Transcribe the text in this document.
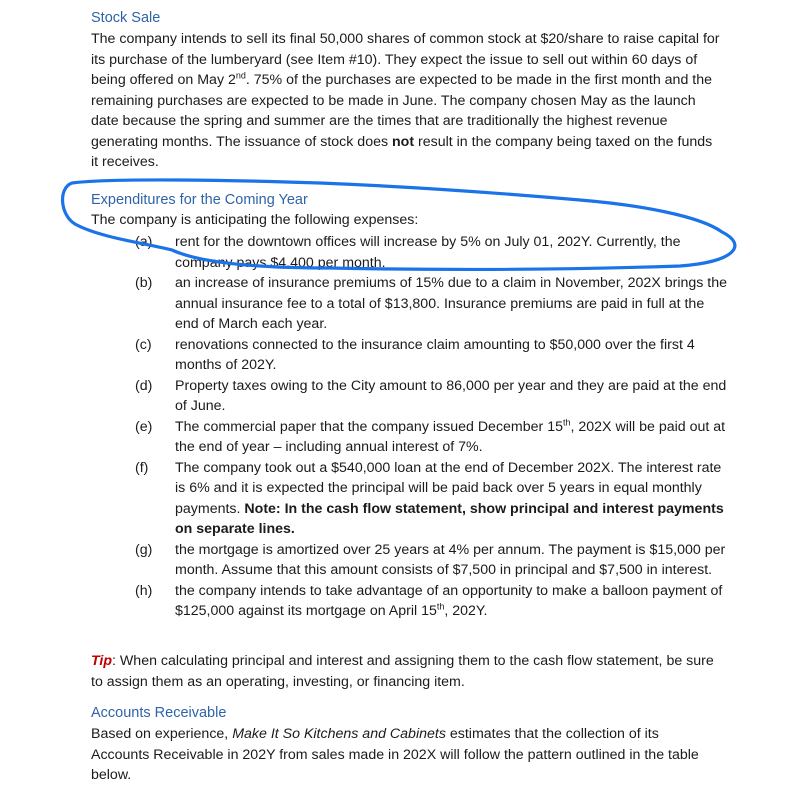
Stock Sale
The company intends to sell its final 50,000 shares of common stock at $20/share to raise capital for its purchase of the lumberyard (see Item #10). They expect the issue to sell out within 60 days of being offered on May 2nd. 75% of the purchases are expected to be made in the first month and the remaining purchases are expected to be made in June. The company chosen May as the launch date because the spring and summer are the times that are traditionally the highest revenue generating months. The issuance of stock does not result in the company being taxed on the funds it receives.
Expenditures for the Coming Year
The company is anticipating the following expenses:
(a)	rent for the downtown offices will increase by 5% on July 01, 202Y. Currently, the company pays $4,400 per month.
(b)	an increase of insurance premiums of 15% due to a claim in November, 202X brings the annual insurance fee to a total of $13,800. Insurance premiums are paid in full at the end of March each year.
(c)	renovations connected to the insurance claim amounting to $50,000 over the first 4 months of 202Y.
(d)	Property taxes owing to the City amount to 86,000 per year and they are paid at the end of June.
(e)	The commercial paper that the company issued December 15th, 202X will be paid out at the end of year – including annual interest of 7%.
(f)	The company took out a $540,000 loan at the end of December 202X. The interest rate is 6% and it is expected the principal will be paid back over 5 years in equal monthly payments. Note: In the cash flow statement, show principal and interest payments on separate lines.
(g)	the mortgage is amortized over 25 years at 4% per annum. The payment is $15,000 per month. Assume that this amount consists of $7,500 in principal and $7,500 in interest.
(h)	the company intends to take advantage of an opportunity to make a balloon payment of $125,000 against its mortgage on April 15th, 202Y.
Tip: When calculating principal and interest and assigning them to the cash flow statement, be sure to assign them as an operating, investing, or financing item.
Accounts Receivable
Based on experience, Make It So Kitchens and Cabinets estimates that the collection of its Accounts Receivable in 202Y from sales made in 202X will follow the pattern outlined in the table below.
